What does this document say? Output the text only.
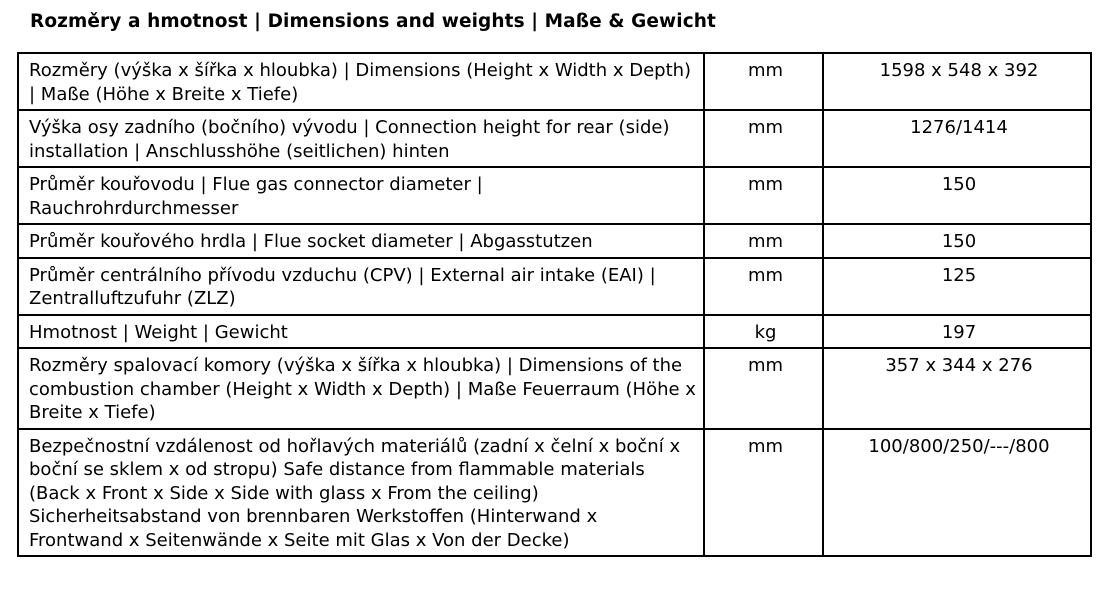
Rozměry a hmotnost | Dimensions and weights | Maße & Gewicht
Rozměry (výška x šířka x hloubka) | Dimensions (Height x Width x Depth) | Maße (Höhe x Breite x Tiefe)	mm	1598 x 548 x 392
Výška osy zadního (bočního) vývodu | Connection height for rear (side) installation | Anschlusshöhe (seitlichen) hinten	mm	1276/1414
Průměr kouřovodu | Flue gas connector diameter | Rauchrohrdurchmesser	mm	150
Průměr kouřového hrdla | Flue socket diameter | Abgasstutzen	mm	150
Průměr centrálního přívodu vzduchu (CPV) | External air intake (EAI) | Zentralluftzufuhr (ZLZ)	mm	125
Hmotnost | Weight | Gewicht	kg	197
Rozměry spalovací komory (výška x šířka x hloubka) | Dimensions of the combustion chamber (Height x Width x Depth) | Maße Feuerraum (Höhe x Breite x Tiefe)	mm	357 x 344 x 276
Bezpečnostní vzdálenost od hořlavých materiálů (zadní x čelní x boční x boční se sklem x od stropu) Safe distance from flammable materials (Back x Front x Side x Side with glass x From the ceiling) Sicherheitsabstand von brennbaren Werkstoffen (Hinterwand x Frontwand x Seitenwände x Seite mit Glas x Von der Decke)	mm	100/800/250/---/800
